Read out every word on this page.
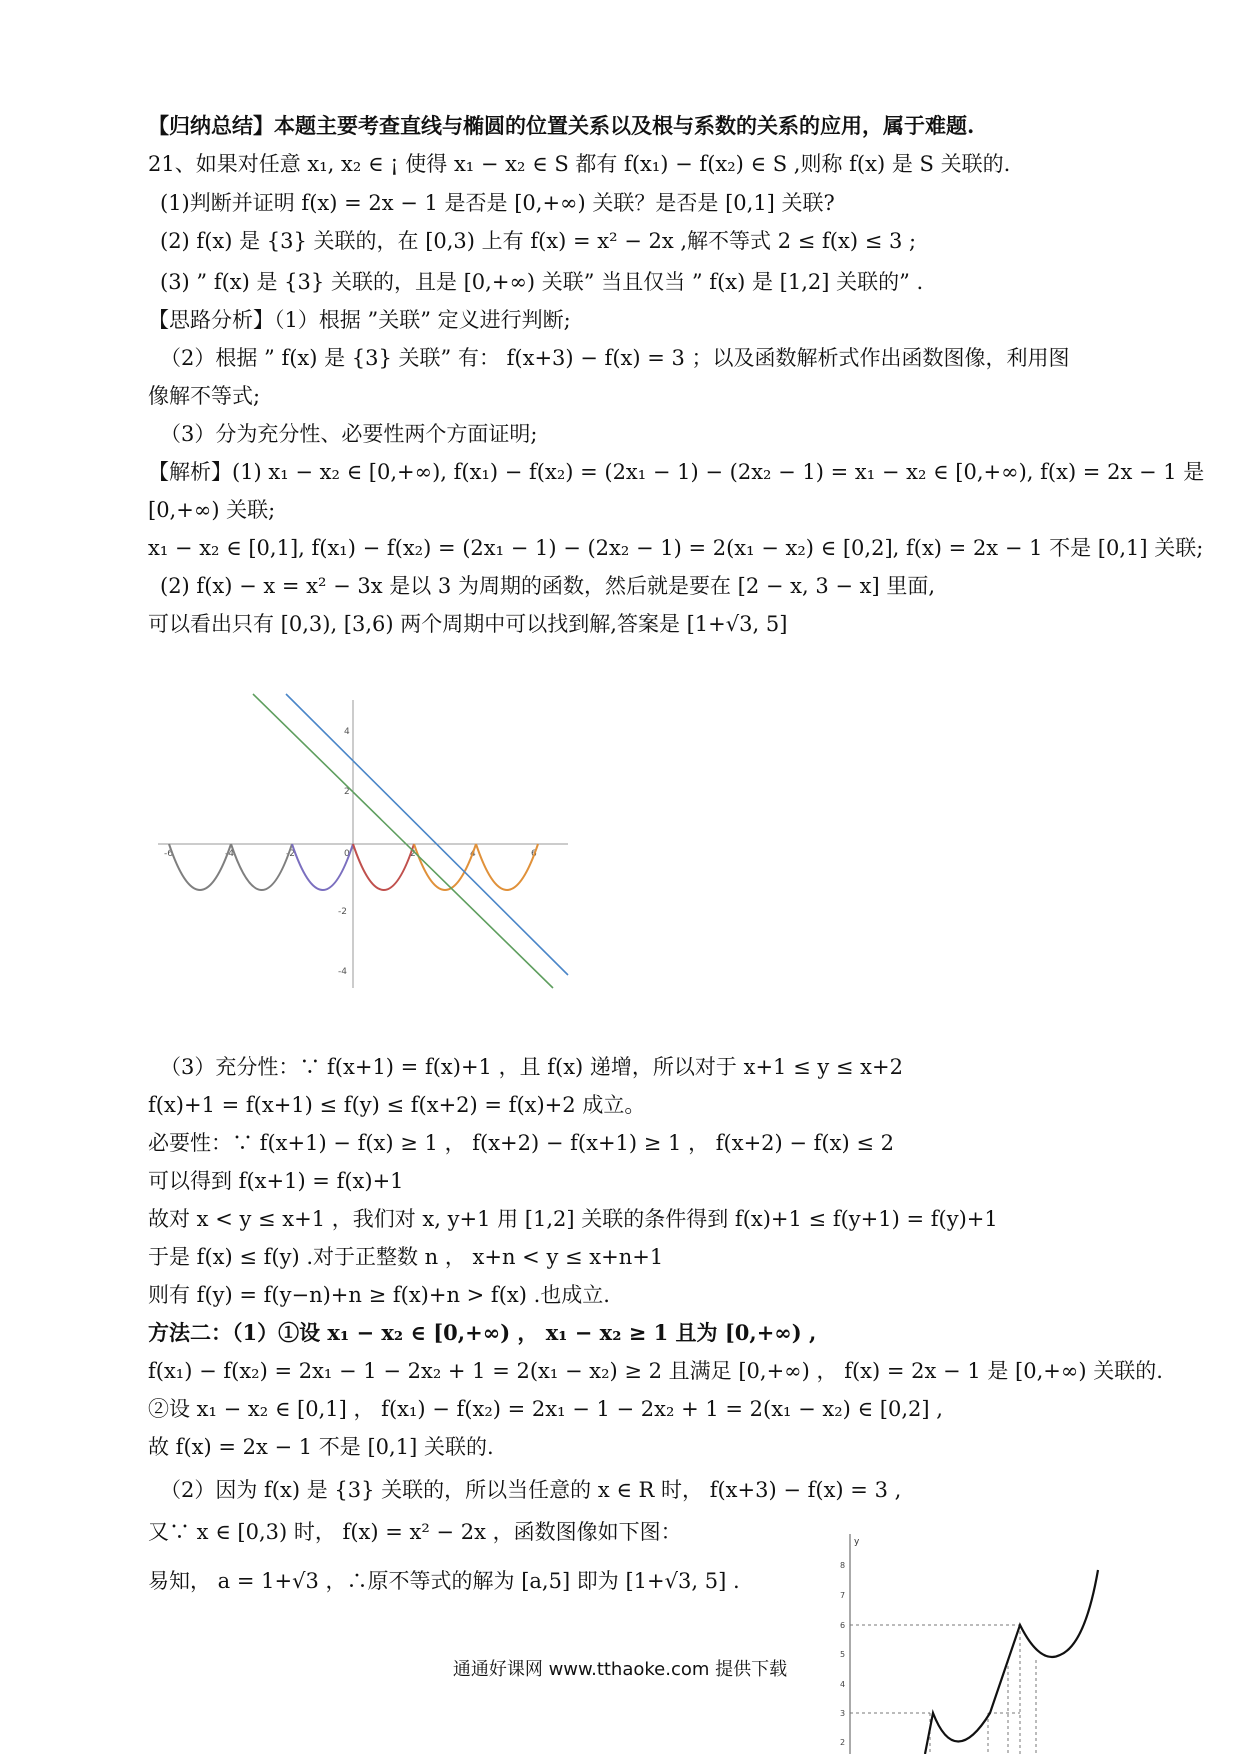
【归纳总结】本题主要考查直线与椭圆的位置关系以及根与系数的关系的应用，属于难题.
21、如果对任意 x₁, x₂ ∈ ¡ 使得 x₁ − x₂ ∈ S 都有 f(x₁) − f(x₂) ∈ S ,则称 f(x) 是 S 关联的.
(1)判断并证明 f(x) = 2x − 1 是否是 [0,+∞) 关联？是否是 [0,1] 关联?
(2) f(x) 是 {3} 关联的，在 [0,3) 上有 f(x) = x² − 2x ,解不等式 2 ≤ f(x) ≤ 3 ;
(3) ” f(x) 是 {3} 关联的，且是 [0,+∞) 关联” 当且仅当 ” f(x) 是 [1,2] 关联的” .
【思路分析】（1）根据 ”关联” 定义进行判断;
（2）根据 ” f(x) 是 {3} 关联” 有： f(x+3) − f(x) = 3 ；以及函数解析式作出函数图像，利用图
像解不等式;
（3）分为充分性、必要性两个方面证明;
【解析】(1) x₁ − x₂ ∈ [0,+∞), f(x₁) − f(x₂) = (2x₁ − 1) − (2x₂ − 1) = x₁ − x₂ ∈ [0,+∞), f(x) = 2x − 1 是
[0,+∞) 关联;
x₁ − x₂ ∈ [0,1], f(x₁) − f(x₂) = (2x₁ − 1) − (2x₂ − 1) = 2(x₁ − x₂) ∈ [0,2], f(x) = 2x − 1 不是 [0,1] 关联;
(2) f(x) − x = x² − 3x 是以 3 为周期的函数，然后就是要在 [2 − x, 3 − x] 里面,
可以看出只有 [0,3), [3,6) 两个周期中可以找到解,答案是 [1+√3, 5]
-6	-4	-2	0	2	4	6
4
2
-2
-4
（3）充分性：∵ f(x+1) = f(x)+1 ，且 f(x) 递增，所以对于 x+1 ≤ y ≤ x+2
f(x)+1 = f(x+1) ≤ f(y) ≤ f(x+2) = f(x)+2 成立。
必要性：∵ f(x+1) − f(x) ≥ 1 ， f(x+2) − f(x+1) ≥ 1 ， f(x+2) − f(x) ≤ 2
可以得到 f(x+1) = f(x)+1
故对 x < y ≤ x+1 ，我们对 x, y+1 用 [1,2] 关联的条件得到 f(x)+1 ≤ f(y+1) = f(y)+1
于是 f(x) ≤ f(y) .对于正整数 n ， x+n < y ≤ x+n+1
则有 f(y) = f(y−n)+n ≥ f(x)+n > f(x) .也成立.
方法二：（1）①设 x₁ − x₂ ∈ [0,+∞) ， x₁ − x₂ ≥ 1 且为 [0,+∞) ,
f(x₁) − f(x₂) = 2x₁ − 1 − 2x₂ + 1 = 2(x₁ − x₂) ≥ 2 且满足 [0,+∞) ， f(x) = 2x − 1 是 [0,+∞) 关联的.
②设 x₁ − x₂ ∈ [0,1] ， f(x₁) − f(x₂) = 2x₁ − 1 − 2x₂ + 1 = 2(x₁ − x₂) ∈ [0,2] ,
故 f(x) = 2x − 1 不是 [0,1] 关联的.
（2）因为 f(x) 是 {3} 关联的，所以当任意的 x ∈ R 时， f(x+3) − f(x) = 3 ,
又∵ x ∈ [0,3) 时， f(x) = x² − 2x ，函数图像如下图：
易知， a = 1+√3 ，∴原不等式的解为 [a,5] 即为 [1+√3, 5] .
y
8
7
6
5
4
3
2
通通好课网 www.tthaoke.com 提供下载
